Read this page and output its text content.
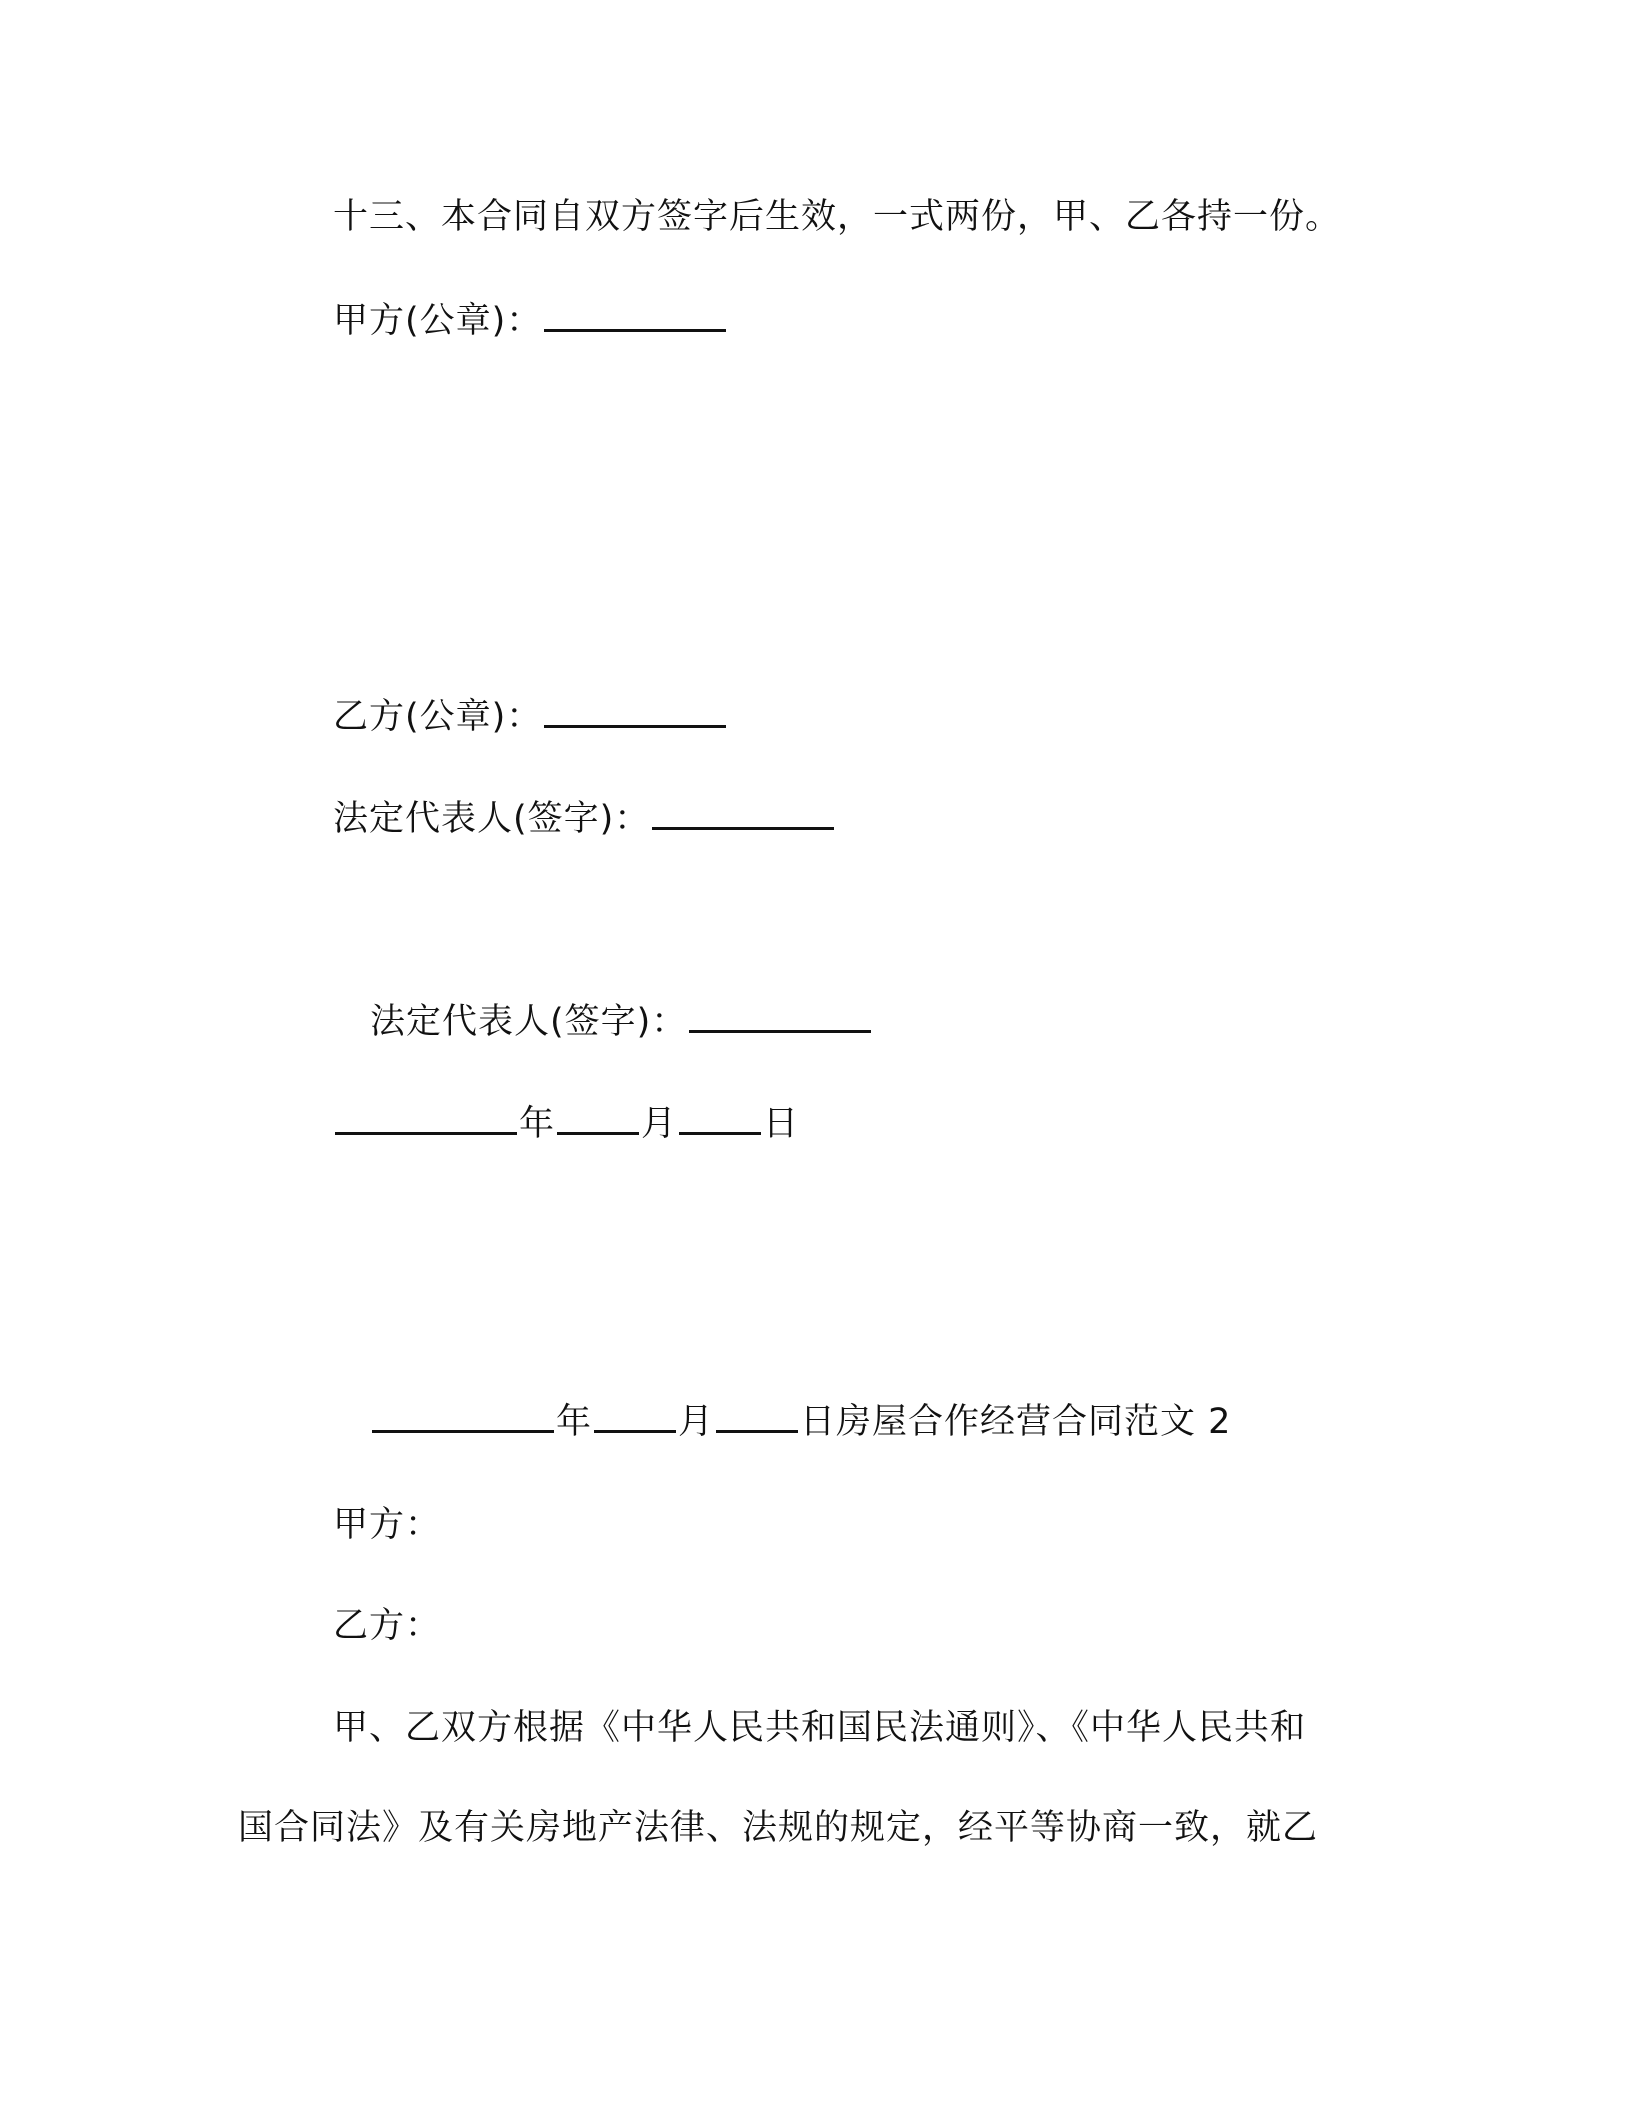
十三、本合同自双方签字后生效，一式两份，甲、乙各持一份。
甲方(公章)：
乙方(公章)：
法定代表人(签字)：
法定代表人(签字)：
年 月 日
年 月 日房屋合作经营合同范文 2
甲方：
乙方：
甲、乙双方根据《中华人民共和国民法通则》、《中华人民共和
国合同法》及有关房地产法律、法规的规定，经平等协商一致，就乙
